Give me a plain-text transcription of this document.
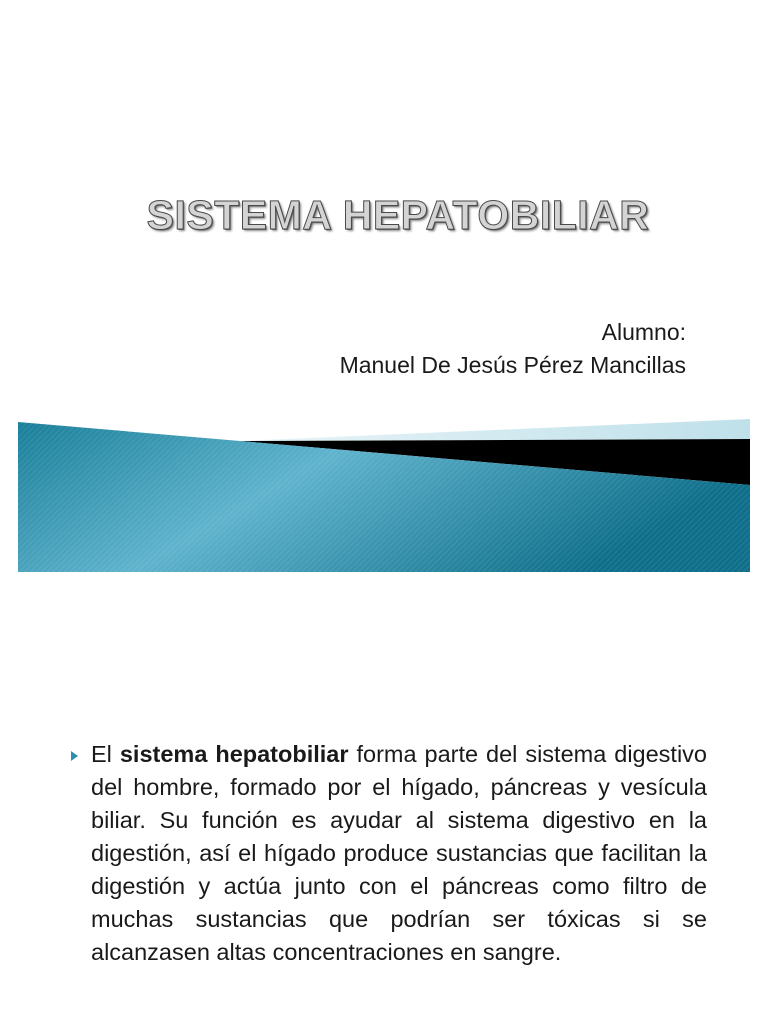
SISTEMA HEPATOBILIAR
Alumno:
Manuel De Jesús Pérez Mancillas

El sistema hepatobiliar forma parte del sistema digestivo del hombre, formado por el hígado, páncreas y vesícula biliar. Su función es ayudar al sistema digestivo en la digestión, así el hígado produce sustancias que facilitan la digestión y actúa junto con el páncreas como filtro de muchas sustancias que podrían ser tóxicas si se alcanzasen altas concentraciones en sangre.
